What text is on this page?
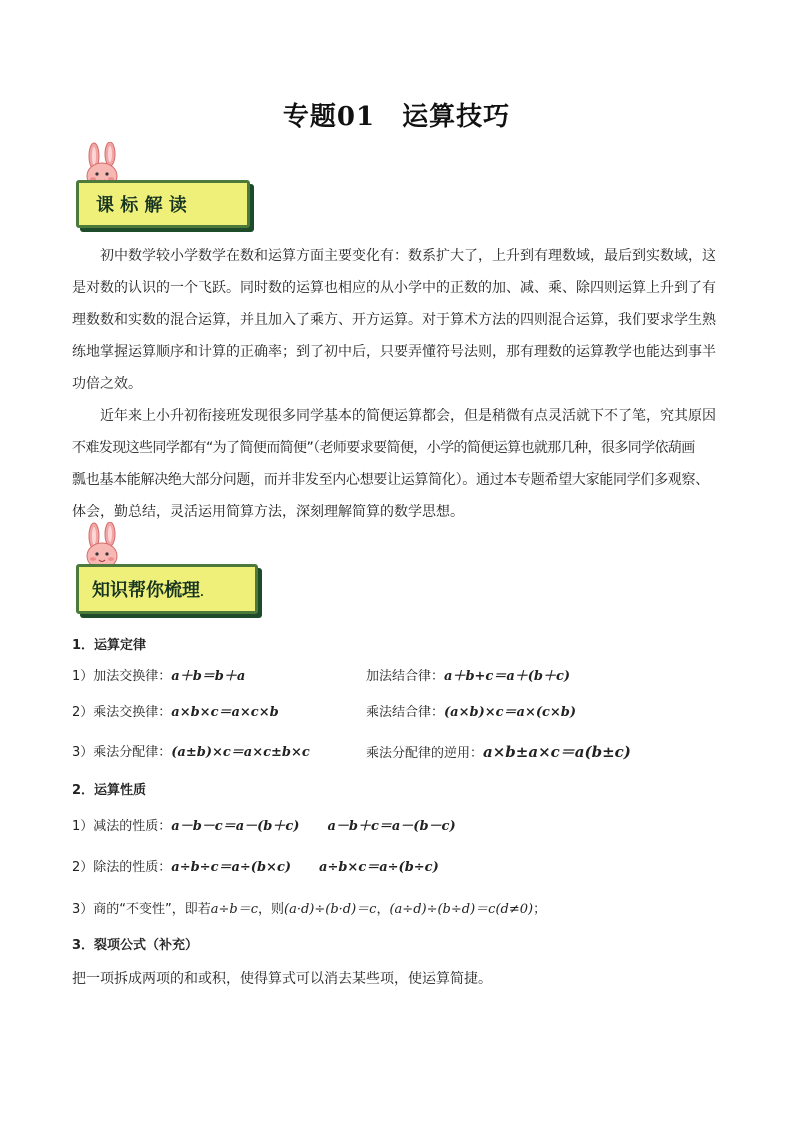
专题01　运算技巧
课 标 解 读

初中数学较小学数学在数和运算方面主要变化有：数系扩大了，上升到有理数域，最后到实数域，这

是对数的认识的一个飞跃。同时数的运算也相应的从小学中的正数的加、减、乘、除四则运算上升到了有

理数数和实数的混合运算，并且加入了乘方、开方运算。对于算术方法的四则混合运算，我们要求学生熟

练地掌握运算顺序和计算的正确率；到了初中后，只要弄懂符号法则，那有理数的运算教学也能达到事半

功倍之效。

近年来上小升初衔接班发现很多同学基本的简便运算都会，但是稍微有点灵活就下不了笔，究其原因

不难发现这些同学都有“为了简便而简便”（老师要求要简便，小学的简便运算也就那几种，很多同学依葫画

瓢也基本能解决绝大部分问题，而并非发至内心想要让运算简化）。通过本专题希望大家能同学们多观察、

体会，勤总结，灵活运用简算方法，深刻理解简算的数学思想。

知识帮你梳理.
1．运算定律
1）加法交换律：a＋b＝b＋a	加法结合律：a＋b+c＝a＋(b＋c)
2）乘法交换律：a×b×c＝a×c×b	乘法结合律：(a×b)×c＝a×(c×b)
3）乘法分配律：(a±b)×c＝a×c±b×c	乘法分配律的逆用：a×b±a×c＝a(b±c)
2．运算性质
1）减法的性质：a－b－c＝a－(b＋c) a－b＋c＝a－(b－c)
2）除法的性质：a÷b÷c＝a÷(b×c) a÷b×c＝a÷(b÷c)
3）商的“不变性”，即若a÷b＝c，则(a·d)÷(b·d)＝c，(a÷d)÷(b÷d)＝c(d≠0)；
3．裂项公式（补充）
把一项拆成两项的和或积，使得算式可以消去某些项，使运算简捷。
